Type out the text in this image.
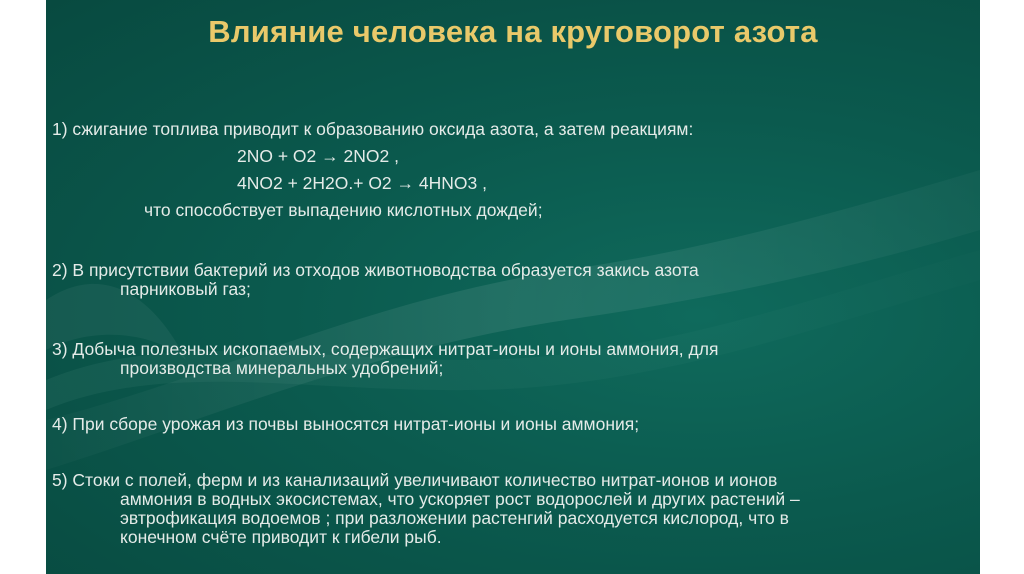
Влияние человека на круговорот азота
1) сжигание топлива приводит к образованию оксида азота, а затем реакциям:
2NO + O2 → 2NO2 ,
4NO2 + 2H2O.+ O2 → 4HNO3 ,
что способствует выпадению кислотных дождей;
2) В присутствии бактерий из отходов животноводства образуется закись азота
парниковый газ;
3) Добыча полезных ископаемых, содержащих нитрат-ионы и ионы аммония, для
производства минеральных удобрений;
4) При сборе урожая из почвы выносятся нитрат-ионы и ионы аммония;
5) Стоки с полей, ферм и из канализаций увеличивают количество нитрат-ионов и ионов
аммония в водных экосистемах, что ускоряет рост водорослей и других растений –
эвтрофикация водоемов ; при разложении растенгий расходуется кислород, что в
конечном счёте приводит к гибели рыб.
